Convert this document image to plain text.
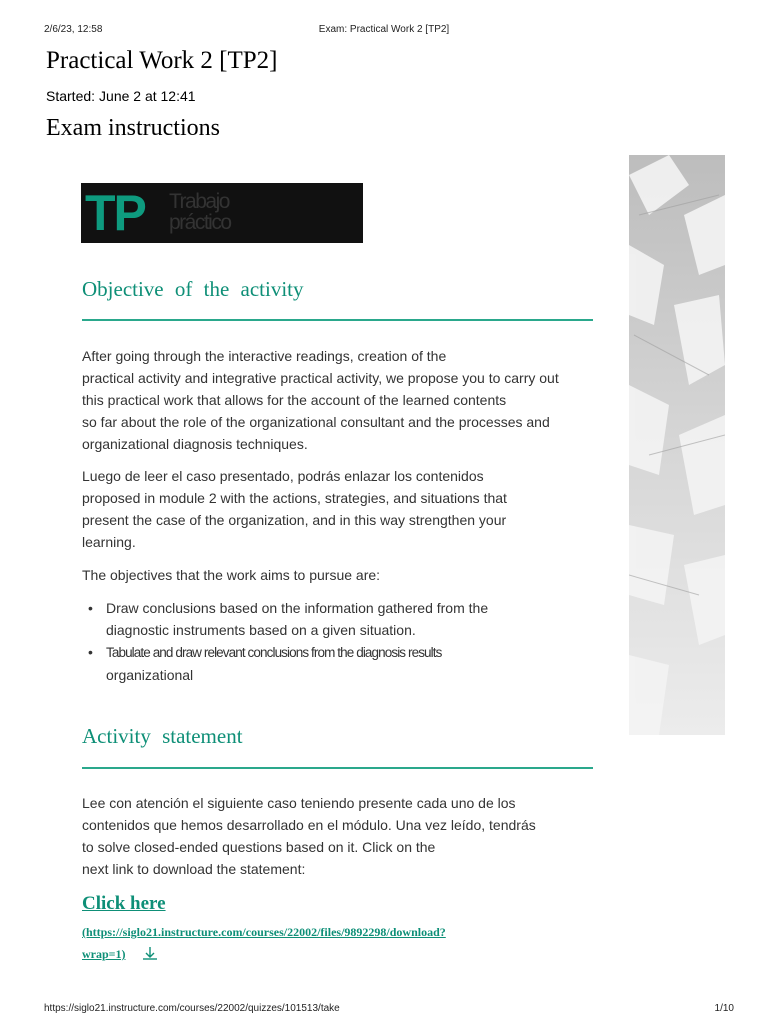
2/6/23, 12:58	Exam: Practical Work 2 [TP2]
Practical Work 2 [TP2]
Started: June 2 at 12:41
Exam instructions
TP Trabajo
práctico
Objective of the activity

After going through the interactive readings, creation of the
practical activity and integrative practical activity, we propose you to carry out
this practical work that allows for the account of the learned contents
so far about the role of the organizational consultant and the processes and
organizational diagnosis techniques.

Luego de leer el caso presentado, podrás enlazar los contenidos
proposed in module 2 with the actions, strategies, and situations that
present the case of the organization, and in this way strengthen your
learning.

The objectives that the work aims to pursue are:

• Draw conclusions based on the information gathered from the
diagnostic instruments based on a given situation.
• Tabulate and draw relevant conclusions from the diagnosis results
organizational
Activity statement

Lee con atención el siguiente caso teniendo presente cada uno de los
contenidos que hemos desarrollado en el módulo. Una vez leído, tendrás
to solve closed-ended questions based on it. Click on the
next link to download the statement:

Click here
(https://siglo21.instructure.com/courses/22002/files/9892298/download?
wrap=1)
https://siglo21.instructure.com/courses/22002/quizzes/101513/take	1/10
